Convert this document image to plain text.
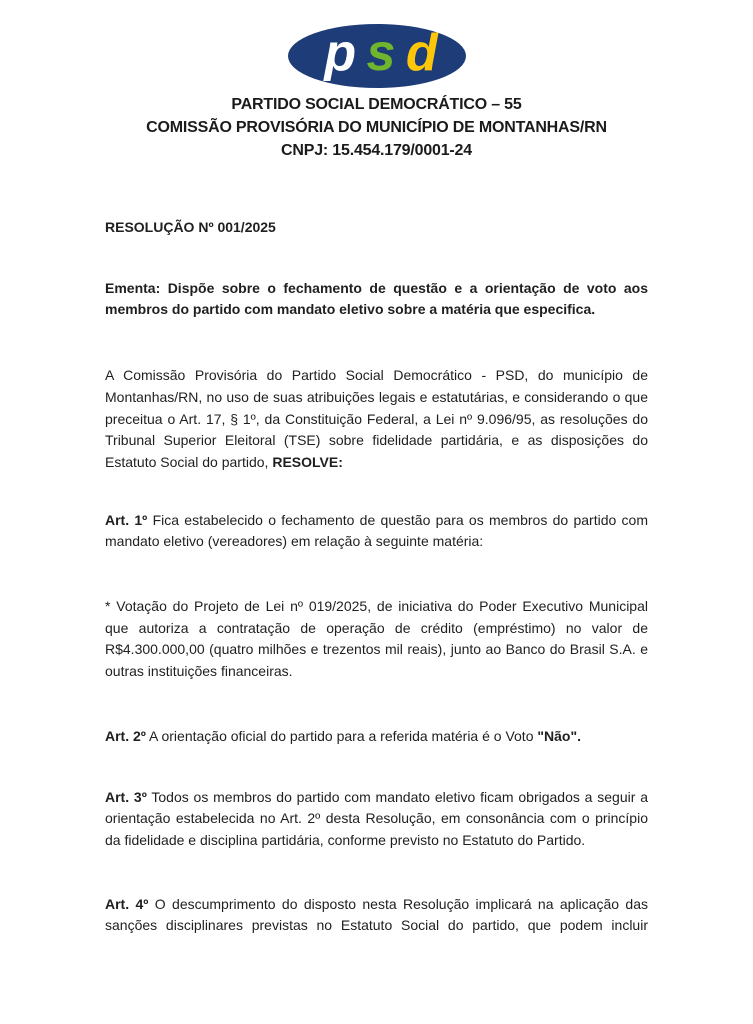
p s d
PARTIDO SOCIAL DEMOCRÁTICO – 55
COMISSÃO PROVISÓRIA DO MUNICÍPIO DE MONTANHAS/RN
CNPJ: 15.454.179/0001-24

RESOLUÇÃO Nº 001/2025

Ementa: Dispõe sobre o fechamento de questão e a orientação de voto aos membros do partido com mandato eletivo sobre a matéria que especifica.

A Comissão Provisória do Partido Social Democrático - PSD, do município de Montanhas/RN, no uso de suas atribuições legais e estatutárias, e considerando o que preceitua o Art. 17, § 1º, da Constituição Federal, a Lei nº 9.096/95, as resoluções do Tribunal Superior Eleitoral (TSE) sobre fidelidade partidária, e as disposições do Estatuto Social do partido, RESOLVE:

Art. 1º Fica estabelecido o fechamento de questão para os membros do partido com mandato eletivo (vereadores) em relação à seguinte matéria:

* Votação do Projeto de Lei nº 019/2025, de iniciativa do Poder Executivo Municipal que autoriza a contratação de operação de crédito (empréstimo) no valor de R$4.300.000,00 (quatro milhões e trezentos mil reais), junto ao Banco do Brasil S.A. e outras instituições financeiras.

Art. 2º A orientação oficial do partido para a referida matéria é o Voto "Não".

Art. 3º Todos os membros do partido com mandato eletivo ficam obrigados a seguir a orientação estabelecida no Art. 2º desta Resolução, em consonância com o princípio da fidelidade e disciplina partidária, conforme previsto no Estatuto do Partido.

Art. 4º O descumprimento do disposto nesta Resolução implicará na aplicação das sanções disciplinares previstas no Estatuto Social do partido, que podem incluir
